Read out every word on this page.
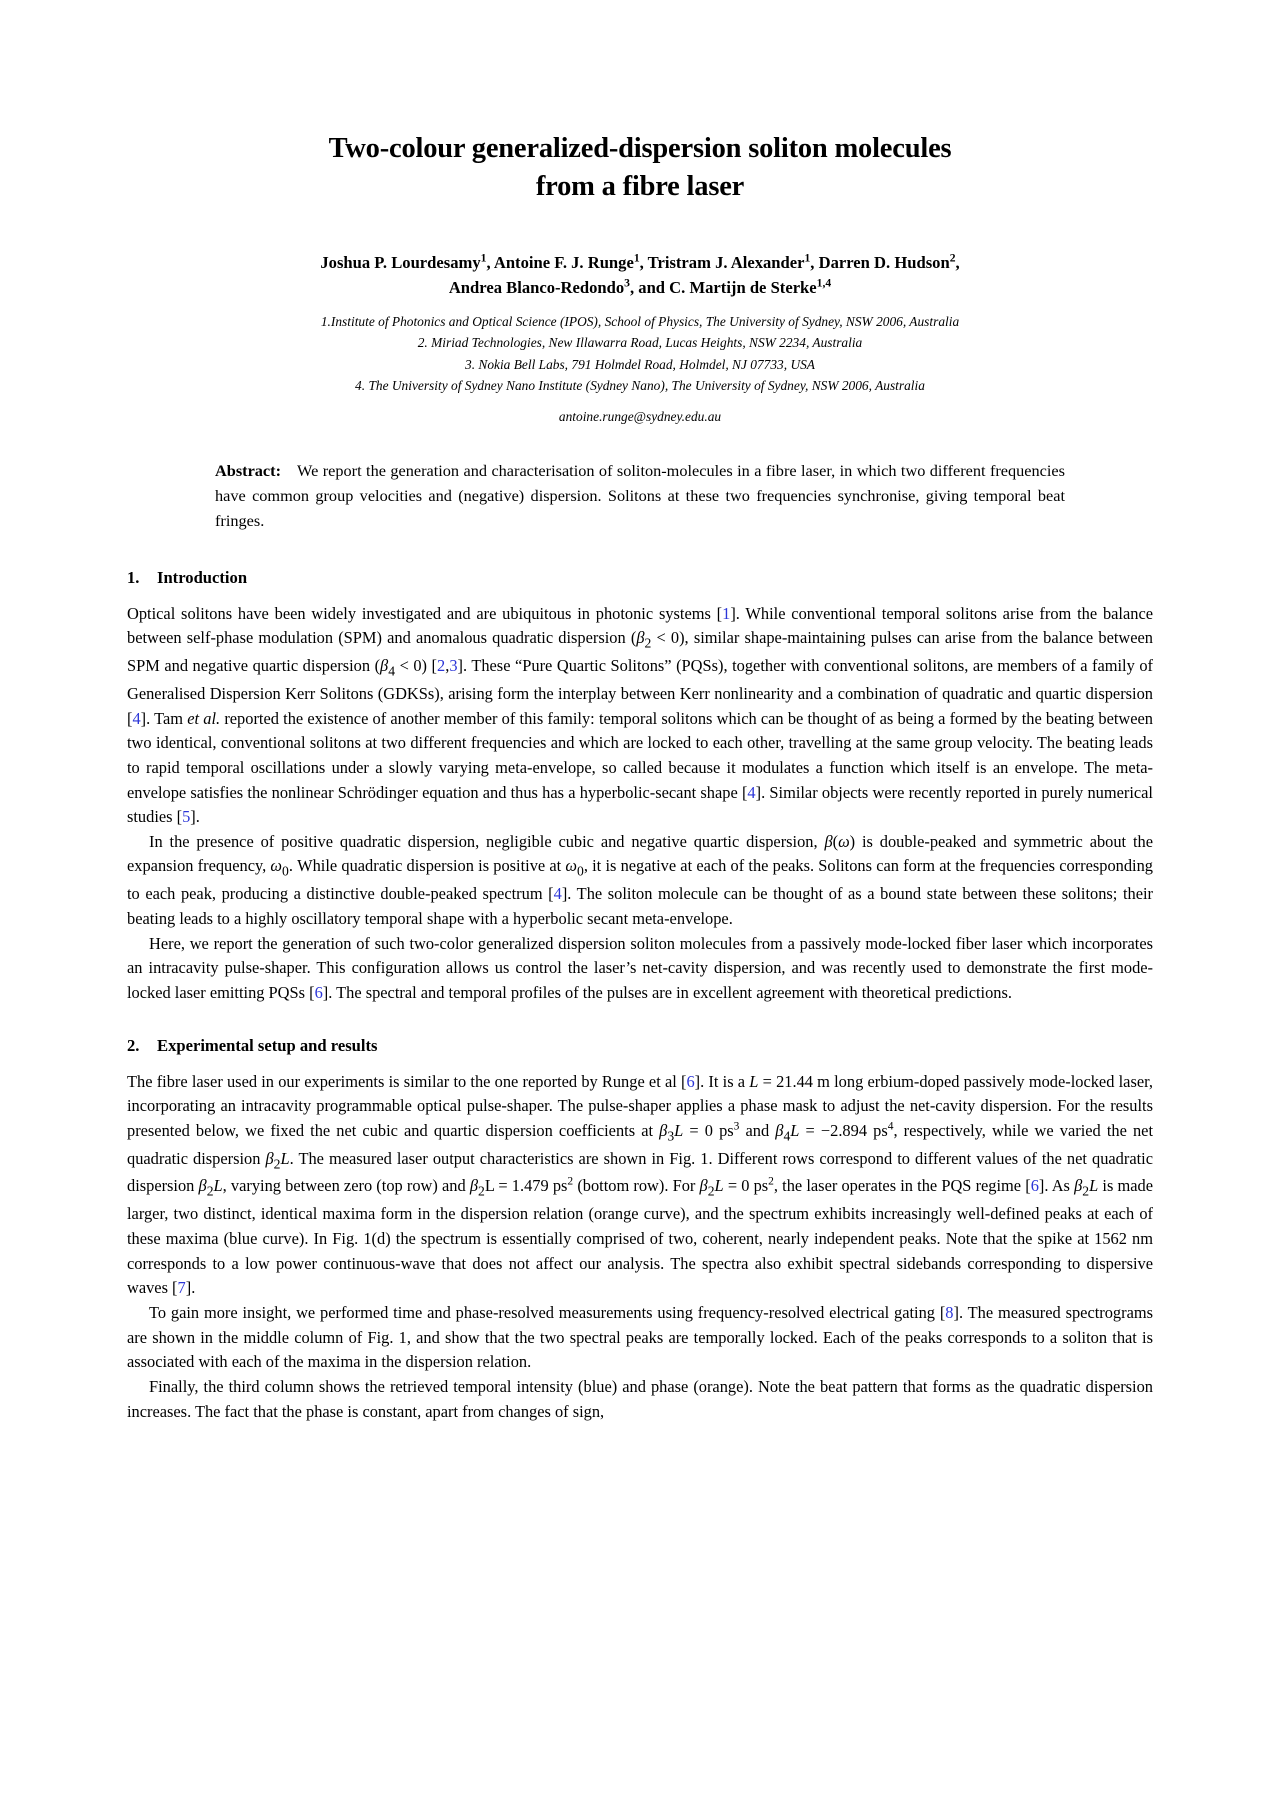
Two-colour generalized-dispersion soliton molecules
from a fibre laser
Joshua P. Lourdesamy$^1$, Antoine F. J. Runge$^1$, Tristram J. Alexander$^1$, Darren D. Hudson$^2$,
Andrea Blanco-Redondo$^3$, and C. Martijn de Sterke$^{1,4}$
1.Institute of Photonics and Optical Science (IPOS), School of Physics, The University of Sydney, NSW 2006, Australia
2. Miriad Technologies, New Illawarra Road, Lucas Heights, NSW 2234, Australia
3. Nokia Bell Labs, 791 Holmdel Road, Holmdel, NJ 07733, USA
4. The University of Sydney Nano Institute (Sydney Nano), The University of Sydney, NSW 2006, Australia
antoine.runge@sydney.edu.au
Abstract: We report the generation and characterisation of soliton-molecules in a fibre laser, in which two different frequencies have common group velocities and (negative) dispersion. Solitons at these two frequencies synchronise, giving temporal beat fringes.
1. Introduction

Optical solitons have been widely investigated and are ubiquitous in photonic systems [1]. While conventional temporal solitons arise from the balance between self-phase modulation (SPM) and anomalous quadratic dispersion $(\beta_2 < 0)$, similar shape-maintaining pulses can arise from the balance between SPM and negative quartic dispersion $(\beta_4 < 0)$ [2,3]. These “Pure Quartic Solitons” (PQSs), together with conventional solitons, are members of a family of Generalised Dispersion Kerr Solitons (GDKSs), arising form the interplay between Kerr nonlinearity and a combination of quadratic and quartic dispersion [4]. Tam et al. reported the existence of another member of this family: temporal solitons which can be thought of as being a formed by the beating between two identical, conventional solitons at two different frequencies and which are locked to each other, travelling at the same group velocity. The beating leads to rapid temporal oscillations under a slowly varying meta-envelope, so called because it modulates a function which itself is an envelope. The meta-envelope satisfies the nonlinear Schrödinger equation and thus has a hyperbolic-secant shape [4]. Similar objects were recently reported in purely numerical studies [5].

In the presence of positive quadratic dispersion, negligible cubic and negative quartic dispersion, β(ω) is double-peaked and symmetric about the expansion frequency, $\omega_0$. While quadratic dispersion is positive at $\omega_0$, it is negative at each of the peaks. Solitons can form at the frequencies corresponding to each peak, producing a distinctive double-peaked spectrum [4]. The soliton molecule can be thought of as a bound state between these solitons; their beating leads to a highly oscillatory temporal shape with a hyperbolic secant meta-envelope.

Here, we report the generation of such two-color generalized dispersion soliton molecules from a passively mode-locked fiber laser which incorporates an intracavity pulse-shaper. This configuration allows us control the laser’s net-cavity dispersion, and was recently used to demonstrate the first mode-locked laser emitting PQSs [6]. The spectral and temporal profiles of the pulses are in excellent agreement with theoretical predictions.

2. Experimental setup and results

The fibre laser used in our experiments is similar to the one reported by Runge et al [6]. It is a L = 21.44 m long erbium-doped passively mode-locked laser, incorporating an intracavity programmable optical pulse-shaper. The pulse-shaper applies a phase mask to adjust the net-cavity dispersion. For the results presented below, we fixed the net cubic and quartic dispersion coefficients at $\beta_3L = 0$ $ps^3$ and $\beta_4L = -2.894$ $ps^4$, respectively, while we varied the net quadratic dispersion $\beta_2L$. The measured laser output characteristics are shown in Fig. 1. Different rows correspond to different values of the net quadratic dispersion $\beta_2L$, varying between zero (top row) and $\beta_2L = 1.479$ $ps^2$ (bottom row). For $\beta_2L = 0$ $ps^2$, the laser operates in the PQS regime [6]. As $\beta_2L$ is made larger, two distinct, identical maxima form in the dispersion relation (orange curve), and the spectrum exhibits increasingly well-defined peaks at each of these maxima (blue curve). In Fig. 1(d) the spectrum is essentially comprised of two, coherent, nearly independent peaks. Note that the spike at 1562 nm corresponds to a low power continuous-wave that does not affect our analysis. The spectra also exhibit spectral sidebands corresponding to dispersive waves [7].

To gain more insight, we performed time and phase-resolved measurements using frequency-resolved electrical gating [8]. The measured spectrograms are shown in the middle column of Fig. 1, and show that the two spectral peaks are temporally locked. Each of the peaks corresponds to a soliton that is associated with each of the maxima in the dispersion relation.

Finally, the third column shows the retrieved temporal intensity (blue) and phase (orange). Note the beat pattern that forms as the quadratic dispersion increases. The fact that the phase is constant, apart from changes of sign,
